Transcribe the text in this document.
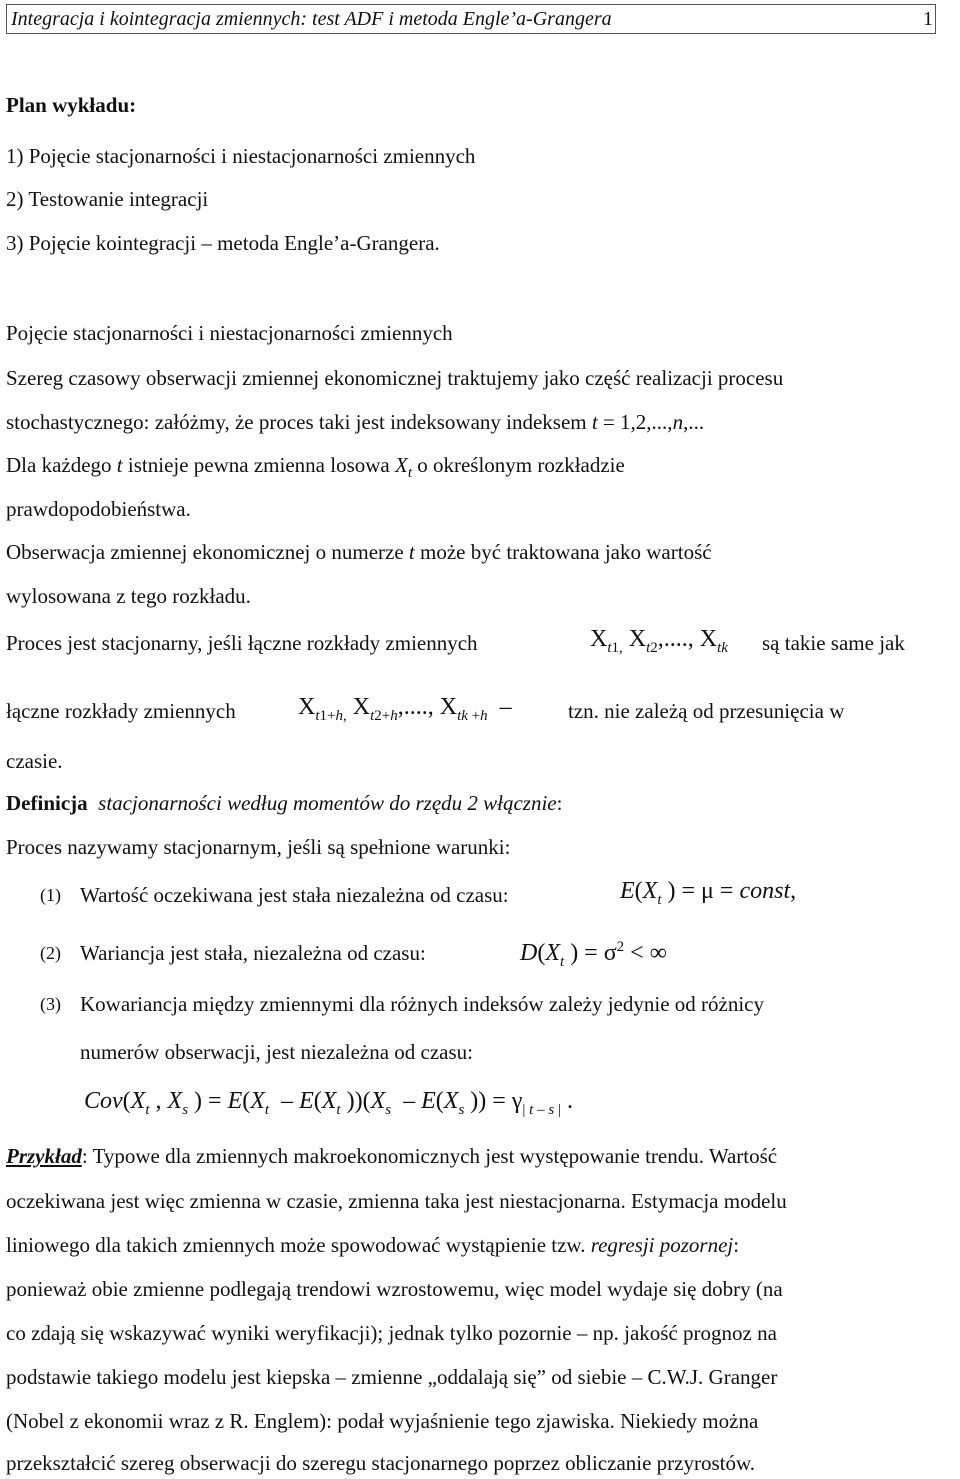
Integracja i kointegracja zmiennych: test ADF i metoda Engle’a-Grangera	1
Plan wykładu:
1) Pojęcie stacjonarności i niestacjonarności zmiennych
2) Testowanie integracji
3) Pojęcie kointegracji – metoda Engle’a-Grangera.
Pojęcie stacjonarności i niestacjonarności zmiennych
Szereg czasowy obserwacji zmiennej ekonomicznej traktujemy jako część realizacji procesu
stochastycznego: załóżmy, że proces taki jest indeksowany indeksem t = 1,2,...,n,...
Dla każdego t istnieje pewna zmienna losowa $X_t$ o określonym rozkładzie
prawdopodobieństwa.
Obserwacja zmiennej ekonomicznej o numerze t może być traktowana jako wartość
wylosowana z tego rozkładu.
Proces jest stacjonarny, jeśli łączne rozkłady zmiennych	$X_{t1,}$ $X_{t2}$,...., $X_{tk}$ są takie same jak
łączne rozkłady zmiennych	$X_{t1+h,}$ $X_{t2+h}$,...., $X_{tk +h}$  –	tzn. nie zależą od przesunięcia w
czasie.
Definicja stacjonarności według momentów do rzędu 2 włącznie:
Proces nazywamy stacjonarnym, jeśli są spełnione warunki:
(1) Wartość oczekiwana jest stała niezależna od czasu:	$E(X_t$ ) = μ = const,
(2) Wariancja jest stała, niezależna od czasu:	$D(X_t$ ) = $\sigma^2$ < ∞
(3) Kowariancja między zmiennymi dla różnych indeksów zależy jedynie od różnicy
numerów obserwacji, jest niezależna od czasu:
$Cov(X_t$ , $X_s$ ) = $E(X_t - E(X_t$ ))($X_s - E(X_s$ )) = $\gamma_{| t - s |}$ .
Przykład: Typowe dla zmiennych makroekonomicznych jest występowanie trendu. Wartość
oczekiwana jest więc zmienna w czasie, zmienna taka jest niestacjonarna. Estymacja modelu
liniowego dla takich zmiennych może spowodować wystąpienie tzw. regresji pozornej:
ponieważ obie zmienne podlegają trendowi wzrostowemu, więc model wydaje się dobry (na
co zdają się wskazywać wyniki weryfikacji); jednak tylko pozornie – np. jakość prognoz na
podstawie takiego modelu jest kiepska – zmienne „oddalają się” od siebie – C.W.J. Granger
(Nobel z ekonomii wraz z R. Englem): podał wyjaśnienie tego zjawiska. Niekiedy można
przekształcić szereg obserwacji do szeregu stacjonarnego poprzez obliczanie przyrostów.
